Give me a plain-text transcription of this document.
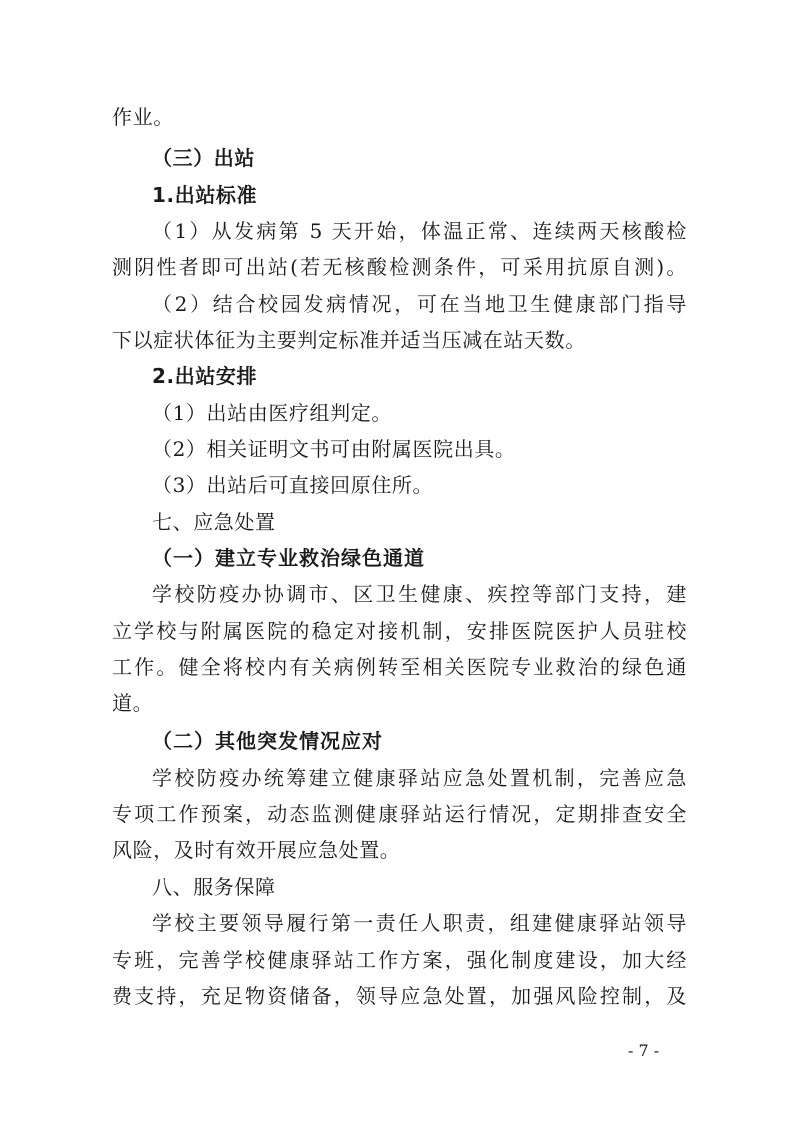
作业。
（三）出站
1.出站标准
（1）从发病第 5 天开始，体温正常、连续两天核酸检
测阴性者即可出站(若无核酸检测条件，可采用抗原自测)。
（2）结合校园发病情况，可在当地卫生健康部门指导
下以症状体征为主要判定标准并适当压减在站天数。
2.出站安排
（1）出站由医疗组判定。
（2）相关证明文书可由附属医院出具。
（3）出站后可直接回原住所。
七、应急处置
（一）建立专业救治绿色通道
学校防疫办协调市、区卫生健康、疾控等部门支持，建
立学校与附属医院的稳定对接机制，安排医院医护人员驻校
工作。健全将校内有关病例转至相关医院专业救治的绿色通
道。
（二）其他突发情况应对
学校防疫办统筹建立健康驿站应急处置机制，完善应急
专项工作预案，动态监测健康驿站运行情况，定期排查安全
风险，及时有效开展应急处置。
八、服务保障
学校主要领导履行第一责任人职责，组建健康驿站领导
专班，完善学校健康驿站工作方案，强化制度建设，加大经
费支持，充足物资储备，领导应急处置，加强风险控制，及
- 7 -
